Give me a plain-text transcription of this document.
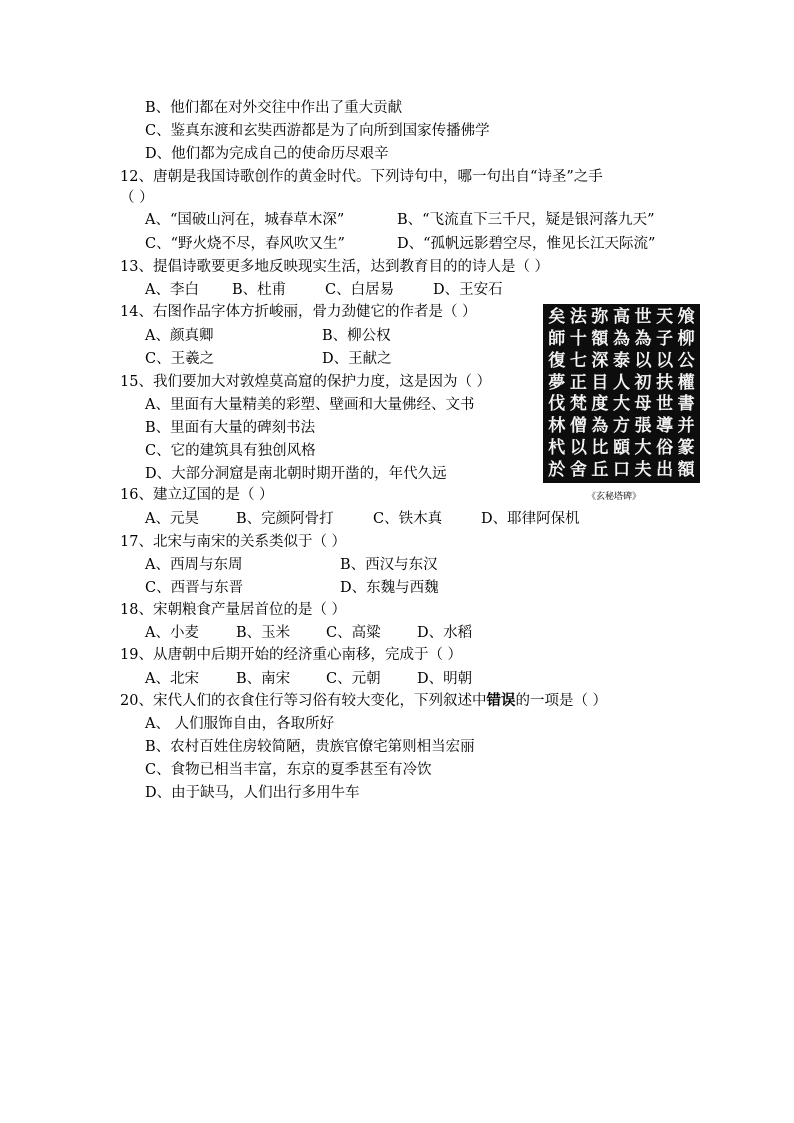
B、他们都在对外交往中作出了重大贡献
C、鉴真东渡和玄奘西游都是为了向所到国家传播佛学
D、他们都为完成自己的使命历尽艰辛
12、唐朝是我国诗歌创作的黄金时代。下列诗句中，哪一句出自“诗圣”之手
（ ）
A、“国破山河在，城春草木深”	B、“飞流直下三千尺，疑是银河落九天”
C、“野火烧不尽，春风吹又生”	D、“孤帆远影碧空尽，惟见长江天际流”
13、提倡诗歌要更多地反映现实生活，达到教育目的的诗人是（ ）
A、李白 B、杜甫	C、白居易	D、王安石
14、右图作品字体方折峻丽，骨力劲健它的作者是（ ）
A、颜真卿	B、柳公权
C、王羲之	D、王献之
15、我们要加大对敦煌莫高窟的保护力度，这是因为（ ）
A、里面有大量精美的彩塑、壁画和大量佛经、文书
B、里面有大量的碑刻书法
C、它的建筑具有独创风格
D、大部分洞窟是南北朝时期开凿的，年代久远
16、建立辽国的是（ ）
A、元昊	B、完颜阿骨打	C、铁木真	D、耶律阿保机
17、北宋与南宋的关系类似于（ ）
A、西周与东周	B、西汉与东汉
C、西晋与东晋	D、东魏与西魏
18、宋朝粮食产量居首位的是（ ）
A、小麦	B、玉米 C、高粱	D、水稻
19、从唐朝中后期开始的经济重心南移，完成于（ ）
A、北宋	B、南宋 C、元朝	D、明朝
20、宋代人们的衣食住行等习俗有较大变化，下列叙述中错误的一项是（ ）
A、 人们服饰自由，各取所好
B、农村百姓住房较简陋，贵族官僚宅第则相当宏丽
C、食物已相当丰富，东京的夏季甚至有冷饮
D、由于缺马，人们出行多用牛车
飧
柳
公
權
書
并
篆
額
天
子
以
扶
世
導
俗
出
世
為
以
初
母
張
大
夫
高
為
泰
人
大
方
頤
口
弥
額
深
目
度
為
比
丘
法
十
七
正
梵
僧
以
舍
矣
師
復
夢
伐
林
杙
於
《玄秘塔碑》
